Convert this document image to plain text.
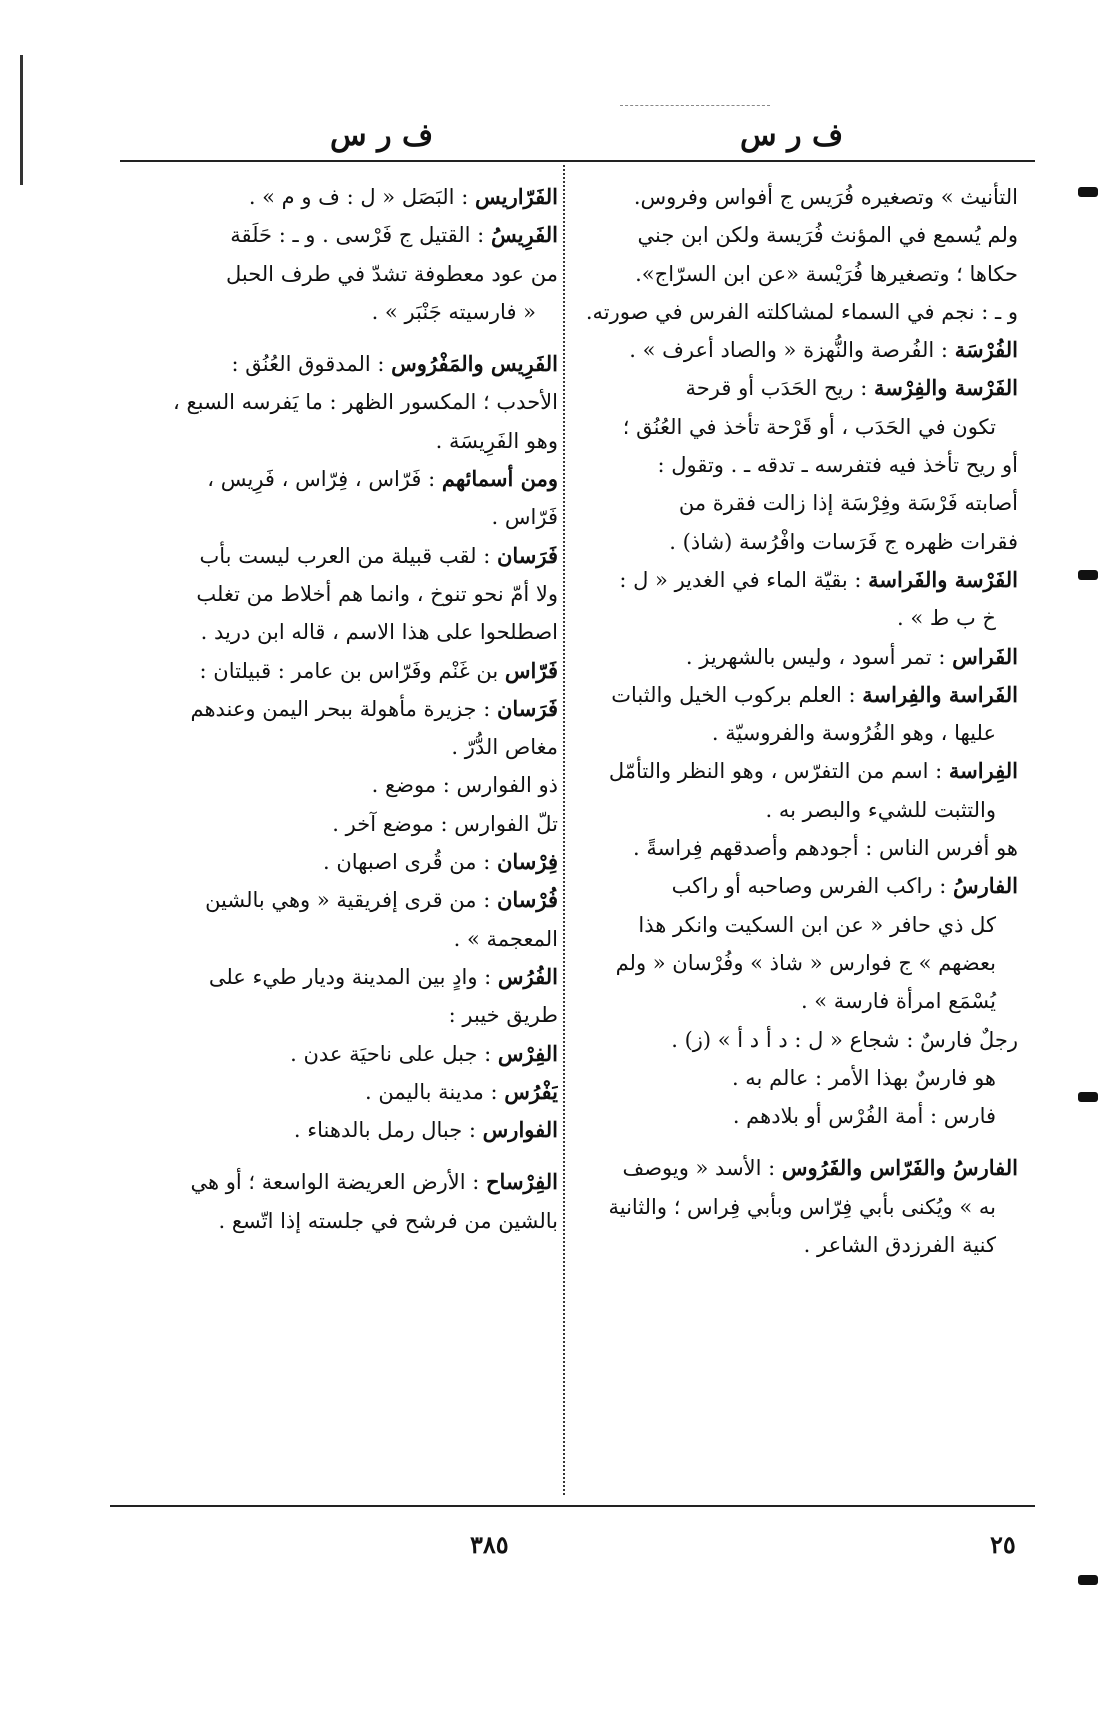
ف ر س	ف ر س
التأنيث » وتصغيره فُرَيس ج أفواس وفروس.
ولم يُسمع في المؤنث فُرَيسة ولكن ابن جني
حكاها ؛ وتصغيرها فُرَيْسة «عن ابن السرّاج».
و ـ : نجم في السماء لمشاكلته الفرس في صورته.
الفُرْسَة : الفُرصة والنُّهزة « والصاد أعرف » .
الفَرْسة والفِرْسة : ريح الحَدَب أو قرحة
تكون في الحَدَب ، أو قَرْحة تأخذ في العُنُق ؛
أو ريح تأخذ فيه فتفرسه ـ تدقه ـ . وتقول :
أصابته فَرْسَة وفِرْسَة إذا زالت فقرة من
فقرات ظهره ج فَرَسات وافْرُسة (شاذ) .
الفَرْسة والفَراسة : بقيّة الماء في الغدير « ل :
خ ب ط » .
الفَراس : تمر أسود ، وليس بالشهريز .
الفَراسة والفِراسة : العلم بركوب الخيل والثبات
عليها ، وهو الفُرُوسة والفروسيّة .
الفِراسة : اسم من التفرّس ، وهو النظر والتأمّل
والتثبت للشيء والبصر به .
هو أفرس الناس : أجودهم وأصدقهم فِراسةً .
الفارسُ : راكب الفرس وصاحبه أو راكب
كل ذي حافر « عن ابن السكيت وانكر هذا
بعضهم » ج فوارس « شاذ » وفُرْسان « ولم
يُسْمَع امرأة فارسة » .
رجلٌ فارسٌ : شجاع « ل : د أ د أ » (ز) .
هو فارسٌ بهذا الأمر : عالم به .
فارس : أمة الفُرْس أو بلادهم .
الفارسُ والفَرّاس والفَرُوس : الأسد « ويوصف
به » ويُكنى بأبي فِرّاس وبأبي فِراس ؛ والثانية
كنية الفرزدق الشاعر .
الفَرّاريس : البَصَل « ل : ف و م » .
الفَرِيسُ : القتيل ج فَرْسى . و ـ : حَلَقة
من عود معطوفة تشدّ في طرف الحبل
« فارسيته جَنْبَر » .
الفَرِيس والمَفْرُوس : المدقوق العُنُق :
الأحدب ؛ المكسور الظهر : ما يَفرسه السبع ،
وهو الفَرِيسَة .
ومن أسمائهم : فَرّاس ، فِرّاس ، فَرِيس ،
فَرّاس .
فَرَسان : لقب قبيلة من العرب ليست بأب
ولا أمّ نحو تنوخ ، وانما هم أخلاط من تغلب
اصطلحوا على هذا الاسم ، قاله ابن دريد .
فَرّاس بن غَنْم وفَرّاس بن عامر : قبيلتان :
فَرَسان : جزيرة مأهولة ببحر اليمن وعندهم
مغاص الدُّرّ .
ذو الفوارس : موضع .
تلّ الفوارس : موضع آخر .
فِرْسان : من قُرى اصبهان .
فُرْسان : من قرى إفريقية « وهي بالشين
المعجمة » .
الفُرُس : وادٍ بين المدينة وديار طيء على
طريق خيبر :
الفِرْس : جبل على ناحيَة عدن .
يَفْرُس : مدينة باليمن .
الفوارس : جبال رمل بالدهناء .
الفِرْساح : الأرض العريضة الواسعة ؛ أو هي
بالشين من فرشح في جلسته إذا اتّسع .
٣٨٥	٢٥
